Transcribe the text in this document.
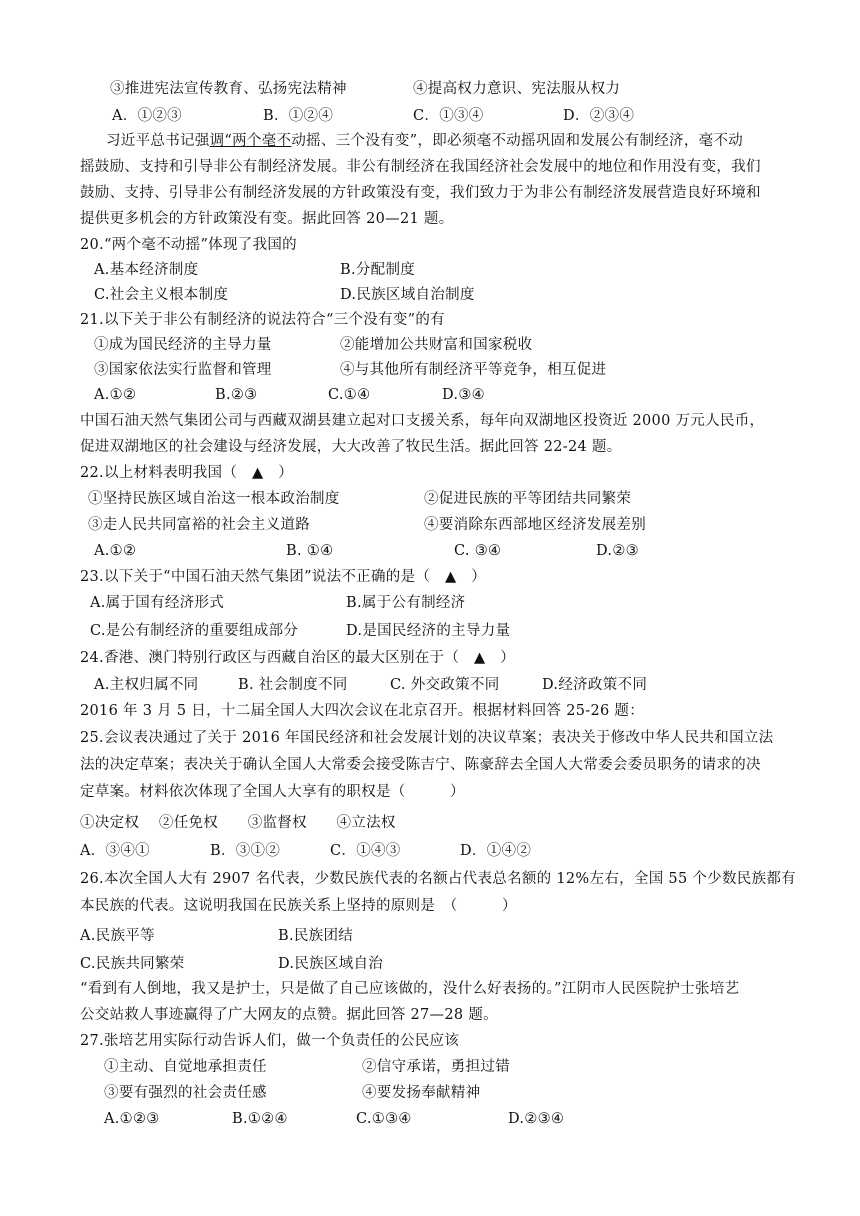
③推进宪法宣传教育、弘扬宪法精神	④提高权力意识、宪法服从权力
A．①②③	B．①②④	C．①③④	D．②③④
习近平总书记强调“两个毫不动摇、三个没有变”，即必须毫不动摇巩固和发展公有制经济，毫不动
摇鼓励、支持和引导非公有制经济发展。非公有制经济在我国经济社会发展中的地位和作用没有变，我们
鼓励、支持、引导非公有制经济发展的方针政策没有变，我们致力于为非公有制经济发展营造良好环境和
提供更多机会的方针政策没有变。据此回答 20—21 题。
20.“两个毫不动摇”体现了我国的
A.基本经济制度	B.分配制度
C.社会主义根本制度	D.民族区域自治制度
21.以下关于非公有制经济的说法符合“三个没有变”的有
①成为国民经济的主导力量	②能增加公共财富和国家税收
③国家依法实行监督和管理	④与其他所有制经济平等竞争，相互促进
A.①②	B.②③	C.①④	D.③④
中国石油天然气集团公司与西藏双湖县建立起对口支援关系，每年向双湖地区投资近 2000 万元人民币，
促进双湖地区的社会建设与经济发展，大大改善了牧民生活。据此回答 22-24 题。
22.以上材料表明我国（　▲　）
①坚持民族区域自治这一根本政治制度	②促进民族的平等团结共同繁荣
③走人民共同富裕的社会主义道路	④要消除东西部地区经济发展差别
A.①②	B. ①④	C. ③④	D.②③
23.以下关于“中国石油天然气集团”说法不正确的是（　▲　）
A.属于国有经济形式	B.属于公有制经济
C.是公有制经济的重要组成部分	D.是国民经济的主导力量
24.香港、澳门特别行政区与西藏自治区的最大区别在于（　▲　）
A.主权归属不同	B. 社会制度不同	C. 外交政策不同	D.经济政策不同
2016 年 3 月 5 日，十二届全国人大四次会议在北京召开。根据材料回答 25-26 题：
25.会议表决通过了关于 2016 年国民经济和社会发展计划的决议草案；表决关于修改中华人民共和国立法
法的决定草案；表决关于确认全国人大常委会接受陈吉宁、陈豪辞去全国人大常委会委员职务的请求的决
定草案。材料依次体现了全国人大享有的职权是（　　　）
①决定权　 ②任免权　　③监督权　　④立法权
A．③④①	B．③①②	C．①④③	D．①④②
26.本次全国人大有 2907 名代表，少数民族代表的名额占代表总名额的 12%左右，全国 55 个少数民族都有
本民族的代表。这说明我国在民族关系上坚持的原则是　（　　　）
A.民族平等	B.民族团结
C.民族共同繁荣	D.民族区域自治
“看到有人倒地，我又是护士，只是做了自己应该做的，没什么好表扬的。”江阴市人民医院护士张培艺
公交站救人事迹赢得了广大网友的点赞。据此回答 27—28 题。
27.张培艺用实际行动告诉人们，做一个负责任的公民应该
①主动、自觉地承担责任	②信守承诺，勇担过错
③要有强烈的社会责任感	④要发扬奉献精神
A.①②③	B.①②④	C.①③④	D.②③④
